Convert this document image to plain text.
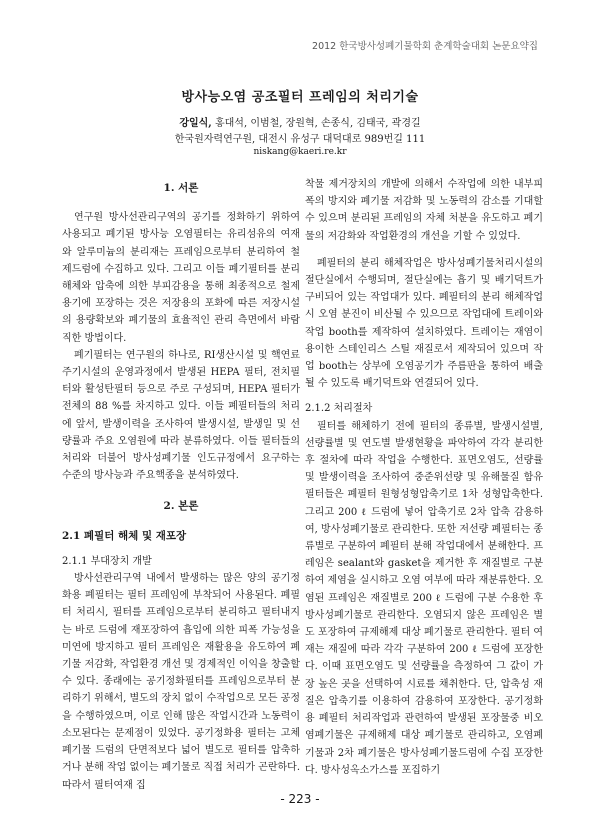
2012 한국방사성폐기물학회 춘계학술대회 논문요약집
방사능오염 공조필터 프레임의 처리기술
강일식, 홍대석, 이범철, 장원혁, 손종식, 김태국, 곽경길
한국원자력연구원, 대전시 유성구 대덕대로 989번길 111
niskang@kaeri.re.kr
1. 서론

연구원 방사선관리구역의 공기를 정화하기 위하여 사용되고 폐기된 방사능 오염필터는 유리섬유의 여재와 알루미늄의 분리재는 프레임으로부터 분리하여 철제드럼에 수집하고 있다. 그리고 이들 폐기필터를 분리해체와 압축에 의한 부피감용을 통해 최종적으로 철제용기에 포장하는 것은 저장용의 포화에 따른 저장시설의 용량확보와 폐기물의 효율적인 관리 측면에서 바람직한 방법이다.

폐기필터는 연구원의 하나로, RI생산시설 및 핵연료주기시설의 운영과정에서 발생된 HEPA 필터, 전치필터와 활성탄필터 등으로 주로 구성되며, HEPA 필터가 전체의 88 %를 차지하고 있다. 이들 폐필터들의 처리에 앞서, 발생이력을 조사하여 발생시설, 발생일 및 선량률과 주요 오염원에 따라 분류하였다. 이들 필터들의 처리와 더불어 방사성폐기물 인도규정에서 요구하는 수준의 방사능과 주요핵종을 분석하였다.

2. 본론
2.1 폐필터 해체 및 재포장
2.1.1 부대장치 개발

방사선관리구역 내에서 발생하는 많은 양의 공기정화용 폐필터는 필터 프레임에 부착되어 사용된다. 폐필터 처리시, 필터를 프레임으로부터 분리하고 필터내지는 바로 드럼에 재포장하여 흡입에 의한 피폭 가능성을 미연에 방지하고 필터 프레임은 재활용을 유도하여 폐기물 저감화, 작업환경 개선 및 경제적인 이익을 창출할 수 있다. 종래에는 공기정화필터를 프레임으로부터 분리하기 위해서, 별도의 장치 없이 수작업으로 모든 공정을 수행하였으며, 이로 인해 많은 작업시간과 노동력이 소모된다는 문제점이 있었다. 공기정화용 필터는 고체 폐기물 드럼의 단면적보다 넓어 별도로 필터를 압축하거나 분해 작업 없이는 폐기물로 직접 처리가 곤란하다. 따라서 필터여재 집

착물 제거장치의 개발에 의해서 수작업에 의한 내부피폭의 방지와 폐기물 저감화 및 노동력의 감소를 기대할 수 있으며 분리된 프레임의 자체 처분을 유도하고 폐기물의 저감화와 작업환경의 개선을 기할 수 있었다.

폐필터의 분리 해체작업은 방사성폐기물처리시설의 절단실에서 수행되며, 절단실에는 흡기 및 배기덕트가 구비되어 있는 작업대가 있다. 폐필터의 분리 해체작업시 오염 분진이 비산될 수 있으므로 작업대에 트레이와 작업 booth를 제작하여 설치하였다. 트레이는 재염이 용이한 스테인리스 스틸 재질로서 제작되어 있으며 작업 booth는 상부에 오염공기가 주름판을 통하여 배출될 수 있도록 배기덕트와 연결되어 있다.

2.1.2 처리절차

필터를 해체하기 전에 필터의 종류별, 발생시설별, 선량률별 및 연도별 발생현황을 파악하여 각각 분리한 후 절차에 따라 작업을 수행한다. 표면오염도, 선량률 및 발생이력을 조사하여 중준위선량 및 유해물질 함유 필터들은 폐필터 원형성형압축기로 1차 성형압축한다. 그리고 200 ℓ 드럼에 넣어 압축기로 2차 압축 감용하여, 방사성폐기물로 관리한다. 또한 저선량 폐필터는 종류별로 구분하여 폐필터 분해 작업대에서 분해한다. 프레임은 sealant와 gasket을 제거한 후 재질별로 구분하여 제염을 실시하고 오염 여부에 따라 재분류한다. 오염된 프레임은 재질별로 200 ℓ 드럼에 구분 수용한 후 방사성폐기물로 관리한다. 오염되지 않은 프레임은 별도 포장하여 규제해제 대상 폐기물로 관리한다. 필터 여재는 재질에 따라 각각 구분하여 200 ℓ 드럼에 포장한다. 이때 표면오염도 및 선량률을 측정하여 그 값이 가장 높은 곳을 선택하여 시료를 채취한다. 단, 압축성 재질은 압축기를 이용하여 감용하여 포장한다. 공기정화용 폐필터 처리작업과 관련하여 발생된 포장물중 비오염폐기물은 규제해제 대상 폐기물로 관리하고, 오염폐기물과 2차 폐기물은 방사성폐기물드럼에 수집 포장한다. 방사성옥소가스를 포집하기

- 223 -
